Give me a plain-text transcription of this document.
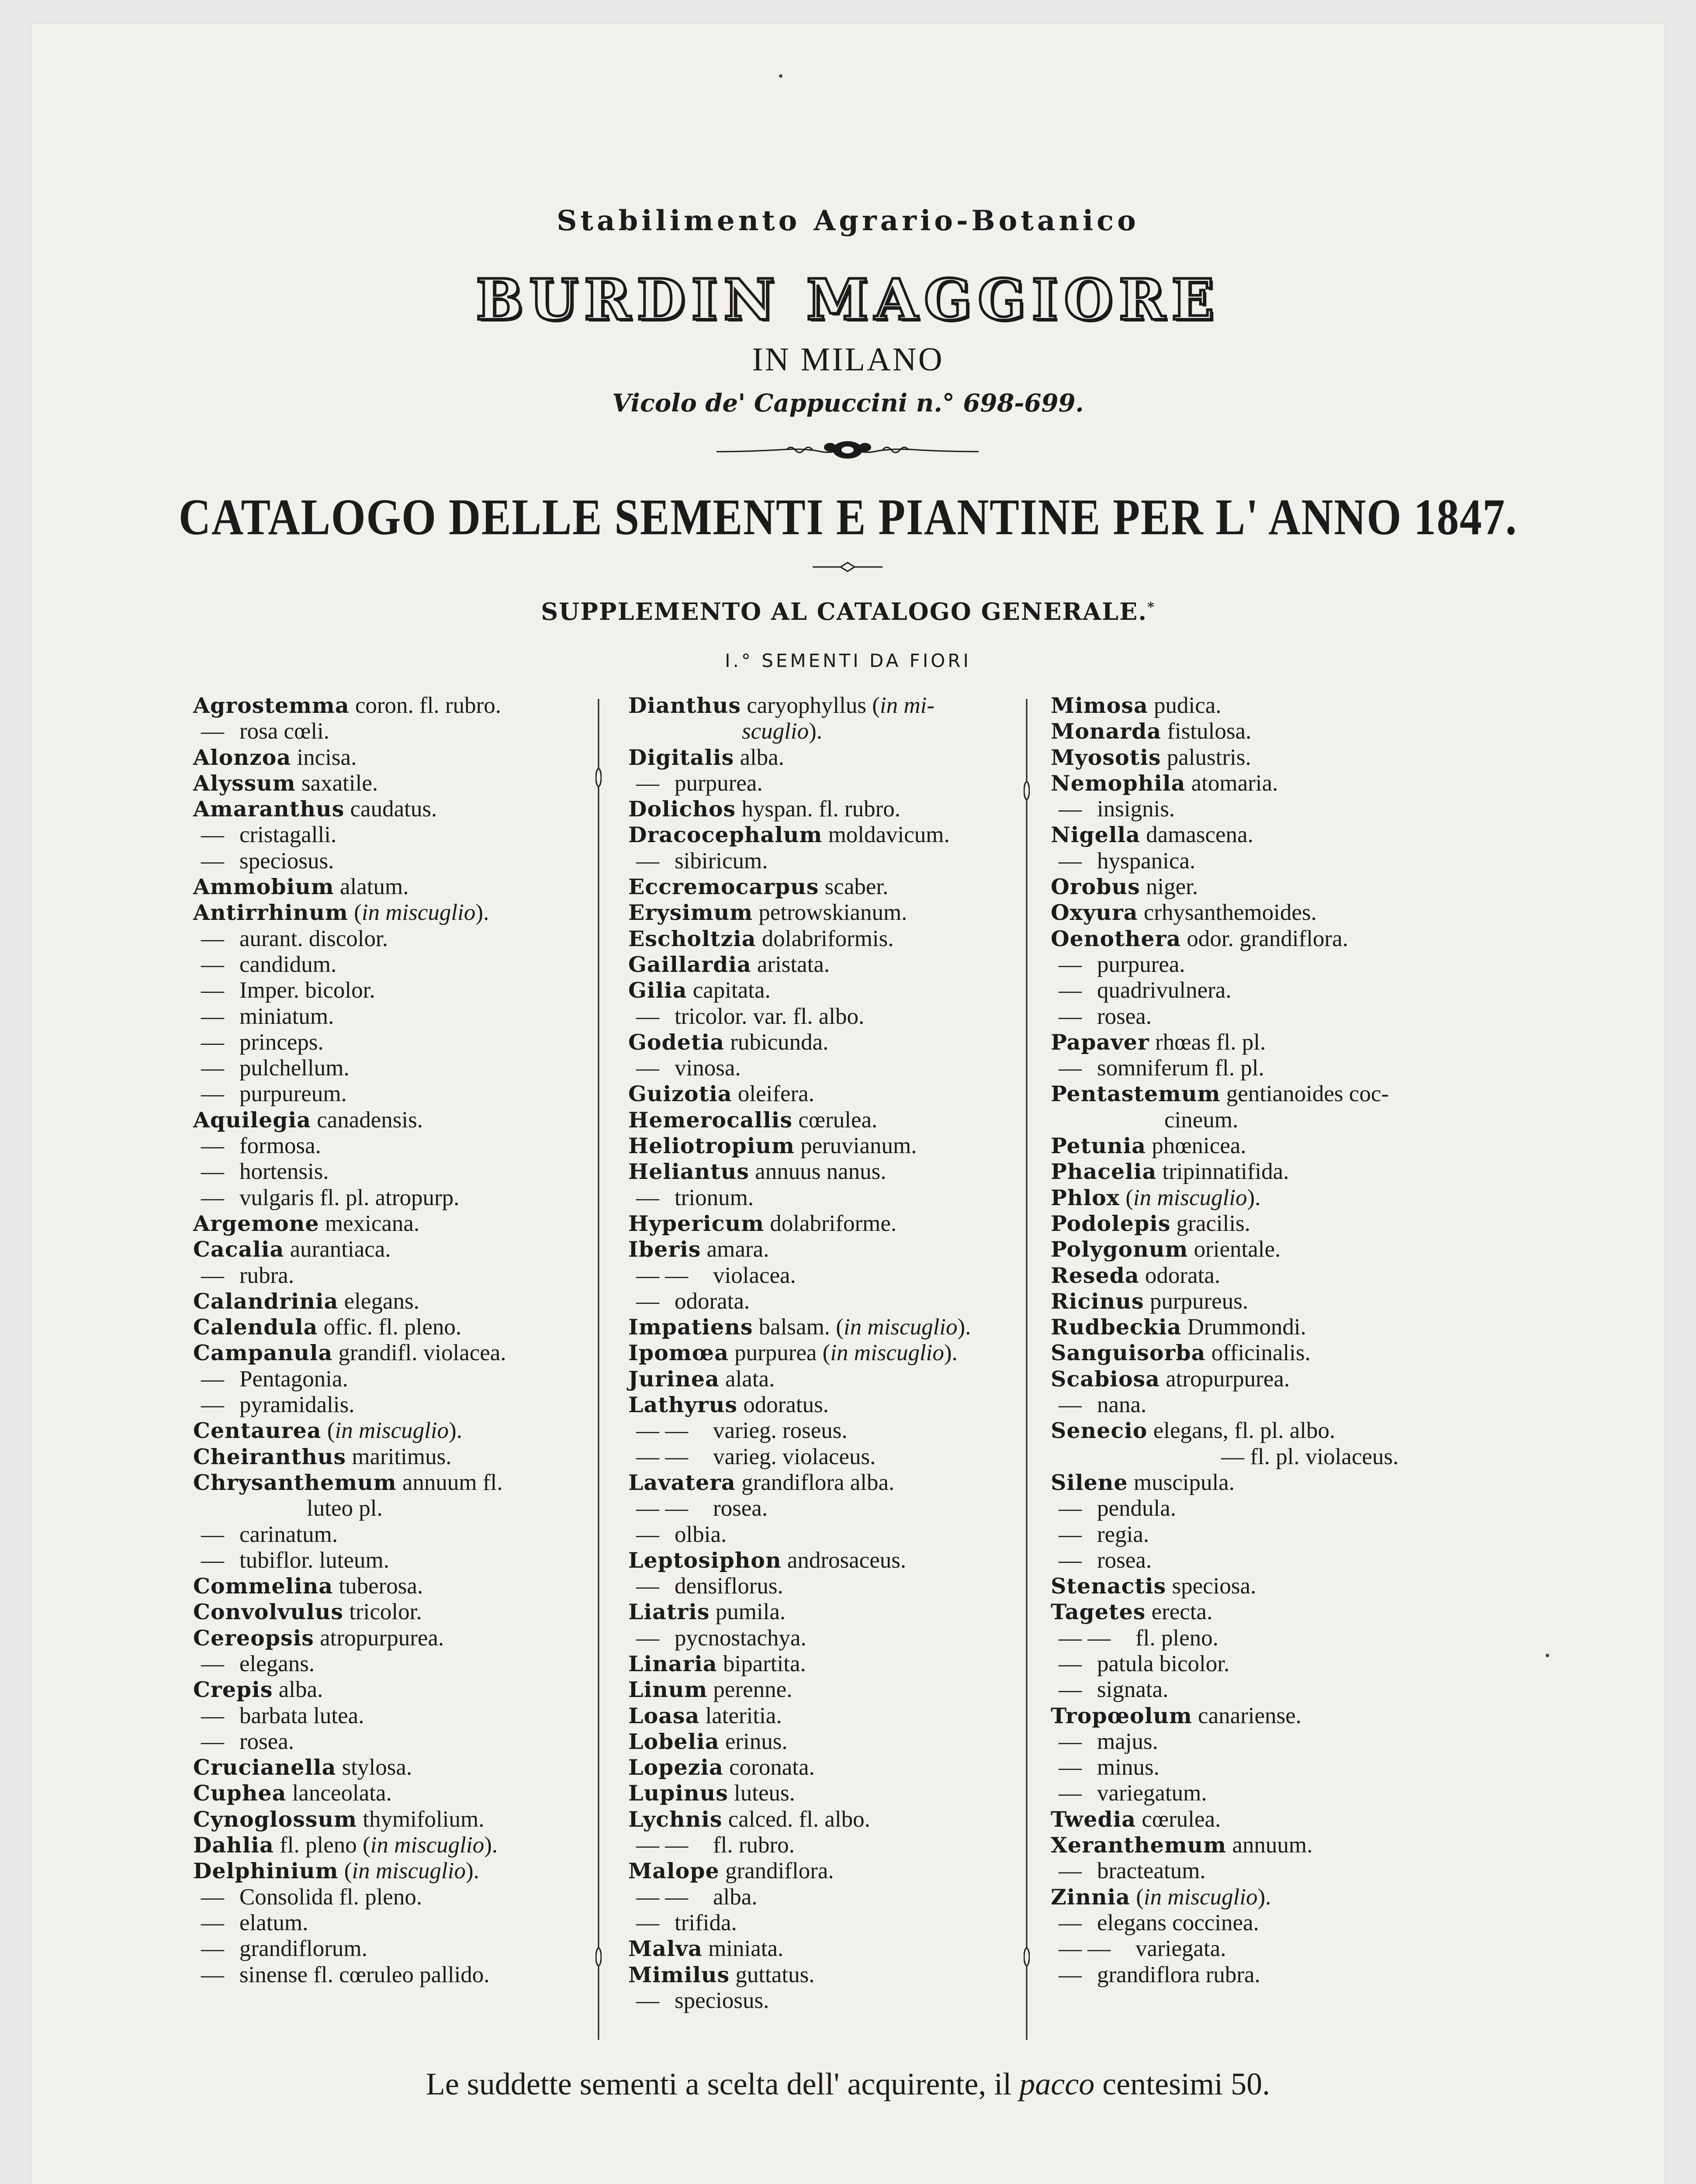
Stabilimento Agrario-Botanico
BURDIN MAGGIORE
IN MILANO
Vicolo de' Cappuccini n.° 698-699.
CATALOGO DELLE SEMENTI E PIANTINE PER L' ANNO 1847.
SUPPLEMENTO AL CATALOGO GENERALE.*
I.° SEMENTI DA FIORI
Agrostemma coron. fl. rubro.
— rosa cœli.
Alonzoa incisa.
Alyssum saxatile.
Amaranthus caudatus.
— cristagalli.
— speciosus.
Ammobium alatum.
Antirrhinum (in miscuglio).
— aurant. discolor.
— candidum.
— Imper. bicolor.
— miniatum.
— princeps.
— pulchellum.
— purpureum.
Aquilegia canadensis.
— formosa.
— hortensis.
— vulgaris fl. pl. atropurp.
Argemone mexicana.
Cacalia aurantiaca.
— rubra.
Calandrinia elegans.
Calendula offic. fl. pleno.
Campanula grandifl. violacea.
— Pentagonia.
— pyramidalis.
Centaurea (in miscuglio).
Cheiranthus maritimus.
Chrysanthemum annuum fl.
luteo pl.
— carinatum.
— tubiflor. luteum.
Commelina tuberosa.
Convolvulus tricolor.
Cereopsis atropurpurea.
— elegans.
Crepis alba.
— barbata lutea.
— rosea.
Crucianella stylosa.
Cuphea lanceolata.
Cynoglossum thymifolium.
Dahlia fl. pleno (in miscuglio).
Delphinium (in miscuglio).
— Consolida fl. pleno.
— elatum.
— grandiflorum.
— sinense fl. cœruleo pallido.
Dianthus caryophyllus (in mi-
scuglio).
Digitalis alba.
— purpurea.
Dolichos hyspan. fl. rubro.
Dracocephalum moldavicum.
— sibiricum.
Eccremocarpus scaber.
Erysimum petrowskianum.
Escholtzia dolabriformis.
Gaillardia aristata.
Gilia capitata.
— tricolor. var. fl. albo.
Godetia rubicunda.
— vinosa.
Guizotia oleifera.
Hemerocallis cœrulea.
Heliotropium peruvianum.
Heliantus annuus nanus.
— trionum.
Hypericum dolabriforme.
Iberis amara.
— — violacea.
— odorata.
Impatiens balsam. (in miscuglio).
Ipomœa purpurea (in miscuglio).
Jurinea alata.
Lathyrus odoratus.
— — varieg. roseus.
— — varieg. violaceus.
Lavatera grandiflora alba.
— — rosea.
— olbia.
Leptosiphon androsaceus.
— densiflorus.
Liatris pumila.
— pycnostachya.
Linaria bipartita.
Linum perenne.
Loasa lateritia.
Lobelia erinus.
Lopezia coronata.
Lupinus luteus.
Lychnis calced. fl. albo.
— — fl. rubro.
Malope grandiflora.
— — alba.
— trifida.
Malva miniata.
Mimilus guttatus.
— speciosus.
Mimosa pudica.
Monarda fistulosa.
Myosotis palustris.
Nemophila atomaria.
— insignis.
Nigella damascena.
— hyspanica.
Orobus niger.
Oxyura crhysanthemoides.
Oenothera odor. grandiflora.
— purpurea.
— quadrivulnera.
— rosea.
Papaver rhœas fl. pl.
— somniferum fl. pl.
Pentastemum gentianoides coc-
cineum.
Petunia phœnicea.
Phacelia tripinnatifida.
Phlox (in miscuglio).
Podolepis gracilis.
Polygonum orientale.
Reseda odorata.
Ricinus purpureus.
Rudbeckia Drummondi.
Sanguisorba officinalis.
Scabiosa atropurpurea.
— nana.
Senecio elegans, fl. pl. albo.
— fl. pl. violaceus.
Silene muscipula.
— pendula.
— regia.
— rosea.
Stenactis speciosa.
Tagetes erecta.
— — fl. pleno.
— patula bicolor.
— signata.
Tropœolum canariense.
— majus.
— minus.
— variegatum.
Twedia cœrulea.
Xeranthemum annuum.
— bracteatum.
Zinnia (in miscuglio).
— elegans coccinea.
— — variegata.
— grandiflora rubra.
Le suddette sementi a scelta dell' acquirente, il pacco centesimi 50.
